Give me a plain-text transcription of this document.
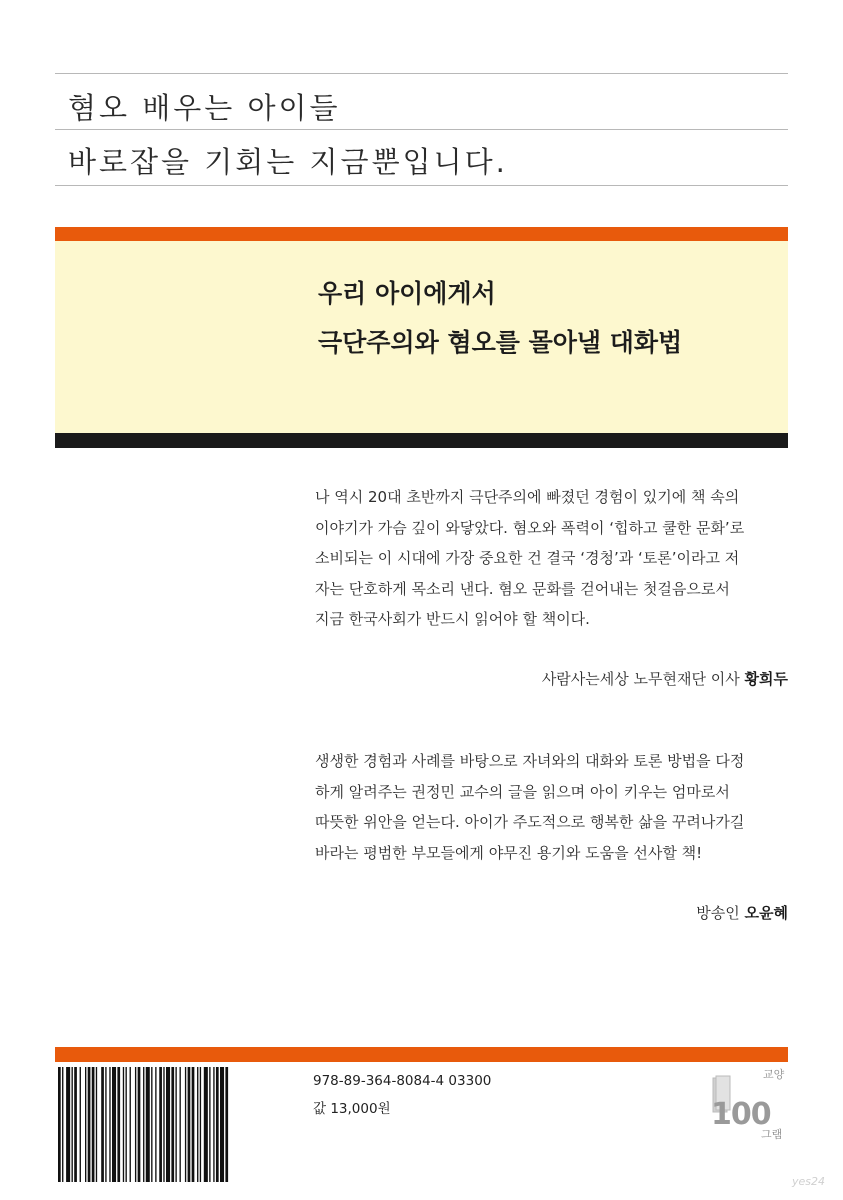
혐오 배우는 아이들
바로잡을 기회는 지금뿐입니다.
우리 아이에게서
극단주의와 혐오를 몰아낼 대화법

나 역시 20대 초반까지 극단주의에 빠졌던 경험이 있기에 책 속의

이야기가 가슴 깊이 와닿았다. 혐오와 폭력이 ‘힙하고 쿨한 문화’로

소비되는 이 시대에 가장 중요한 건 결국 ‘경청’과 ‘토론’이라고 저

자는 단호하게 목소리 낸다. 혐오 문화를 걷어내는 첫걸음으로서

지금 한국사회가 반드시 읽어야 할 책이다.

사람사는세상 노무현재단 이사 황희두

생생한 경험과 사례를 바탕으로 자녀와의 대화와 토론 방법을 다정

하게 알려주는 권정민 교수의 글을 읽으며 아이 키우는 엄마로서

따뜻한 위안을 얻는다. 아이가 주도적으로 행복한 삶을 꾸려나가길

바라는 평범한 부모들에게 야무진 용기와 도움을 선사할 책!

방송인 오윤혜
978-89-364-8084-4 03300
값 13,000원
교양
100
그램
yes24
